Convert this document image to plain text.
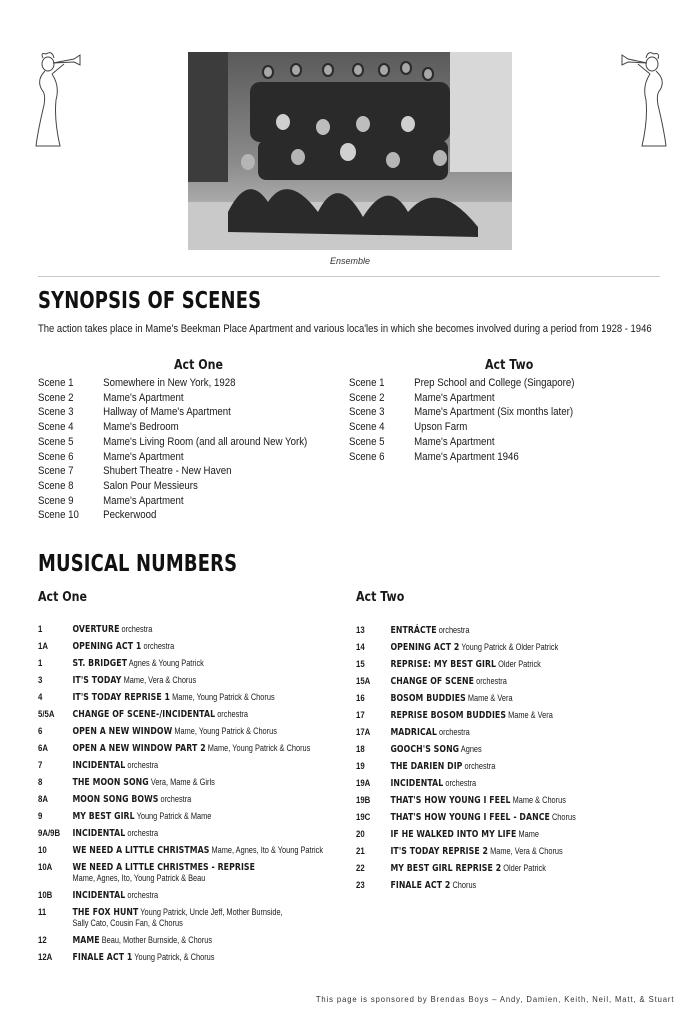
Ensemble
SYNOPSIS OF SCENES
The action takes place in Mame's Beekman Place Apartment and various loca'les in which she becomes involved during a period from 1928 - 1946
Act One	Act Two
Scene 1	Somewhere in New York, 1928
Scene 2	Mame's Apartment
Scene 3	Hallway of Mame's Apartment
Scene 4	Mame's Bedroom
Scene 5	Mame's Living Room (and all around New York)
Scene 6	Mame's Apartment
Scene 7	Shubert Theatre - New Haven
Scene 8	Salon Pour Messieurs
Scene 9	Mame's Apartment
Scene 10 Peckerwood
Scene 1	Prep School and College (Singapore)
Scene 2	Mame's Apartment
Scene 3	Mame's Apartment (Six months later)
Scene 4	Upson Farm
Scene 5	Mame's Apartment
Scene 6	Mame's Apartment 1946
MUSICAL NUMBERS
Act One	Act Two
1	OVERTURE orchestra
1A	OPENING ACT 1 orchestra
1	ST. BRIDGET Agnes & Young Patrick
3	IT'S TODAY Mame, Vera & Chorus
4	IT'S TODAY REPRISE 1 Mame, Young Patrick & Chorus
5/5A CHANGE OF SCENE-/INCIDENTAL orchestra
6	OPEN A NEW WINDOW Mame, Young Patrick & Chorus
6A	OPEN A NEW WINDOW PART 2 Mame, Young Patrick & Chorus
7	INCIDENTAL orchestra
8	THE MOON SONG Vera, Mame & Girls
8A	MOON SONG BOWS orchestra
9	MY BEST GIRL Young Patrick & Mame
9A/9B INCIDENTAL orchestra
10	WE NEED A LITTLE CHRISTMAS Mame, Agnes, Ito & Young Patrick
10A WE NEED A LITTLE CHRISTMES - REPRISE
Mame, Agnes, Ito, Young Patrick & Beau
10B INCIDENTAL orchestra
11	THE FOX HUNT Young Patrick, Uncle Jeff, Mother Burnside,
Sally Cato, Cousin Fan, & Chorus
12	MAME Beau, Mother Burnside, & Chorus
12A FINALE ACT 1 Young Patrick, & Chorus
13	ENTRÁCTE orchestra
14	OPENING ACT 2 Young Patrick & Older Patrick
15	REPRISE: MY BEST GIRL Older Patrick
15A CHANGE OF SCENE orchestra
16	BOSOM BUDDIES Mame & Vera
17	REPRISE BOSOM BUDDIES Mame & Vera
17A MADRICAL orchestra
18	GOOCH'S SONG Agnes
19	THE DARIEN DIP orchestra
19A INCIDENTAL orchestra
19B THAT'S HOW YOUNG I FEEL Mame & Chorus
19C THAT'S HOW YOUNG I FEEL - DANCE Chorus
20	IF HE WALKED INTO MY LIFE Mame
21	IT'S TODAY REPRISE 2 Mame, Vera & Chorus
22	MY BEST GIRL REPRISE 2 Older Patrick
23	FINALE ACT 2 Chorus
This page is sponsored by Brendas Boys – Andy, Damien, Keith, Neil, Matt, & Stuart
